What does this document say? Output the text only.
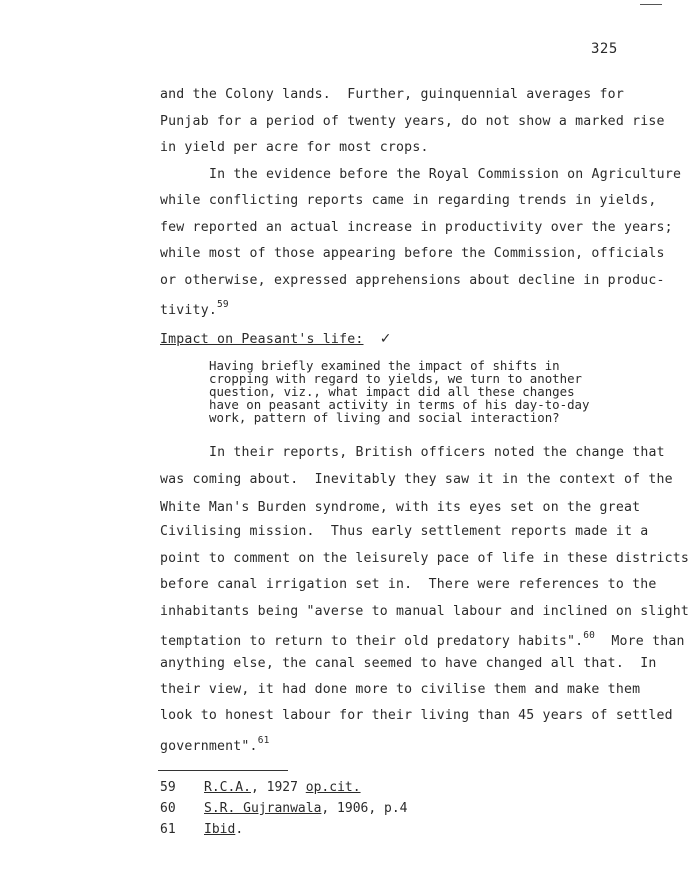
325
and the Colony lands.  Further, guinquennial averages for
Punjab for a period of twenty years, do not show a marked rise
in yield per acre for most crops.
In the evidence before the Royal Commission on Agriculture
while conflicting reports came in regarding trends in yields,
few reported an actual increase in productivity over the years;
while most of those appearing before the Commission, officials
or otherwise, expressed apprehensions about decline in produc-
tivity.$^{59}$
Impact on Peasant's life: ✓
Having briefly examined the impact of shifts in
cropping with regard to yields, we turn to another
question, viz., what impact did all these changes
have on peasant activity in terms of his day-to-day
work, pattern of living and social interaction?
In their reports, British officers noted the change that
was coming about.  Inevitably they saw it in the context of the
White Man's Burden syndrome, with its eyes set on the great
Civilising mission.  Thus early settlement reports made it a
point to comment on the leisurely pace of life in these districts
before canal irrigation set in.  There were references to the
inhabitants being "averse to manual labour and inclined on slight
temptation to return to their old predatory habits".$^{60}$  More than
anything else, the canal seemed to have changed all that.  In
their view, it had done more to civilise them and make them
look to honest labour for their living than 45 years of settled
government".$^{61}$
59 R.C.A., 1927 op.cit.
60 S.R. Gujranwala, 1906, p.4
61 Ibid.
